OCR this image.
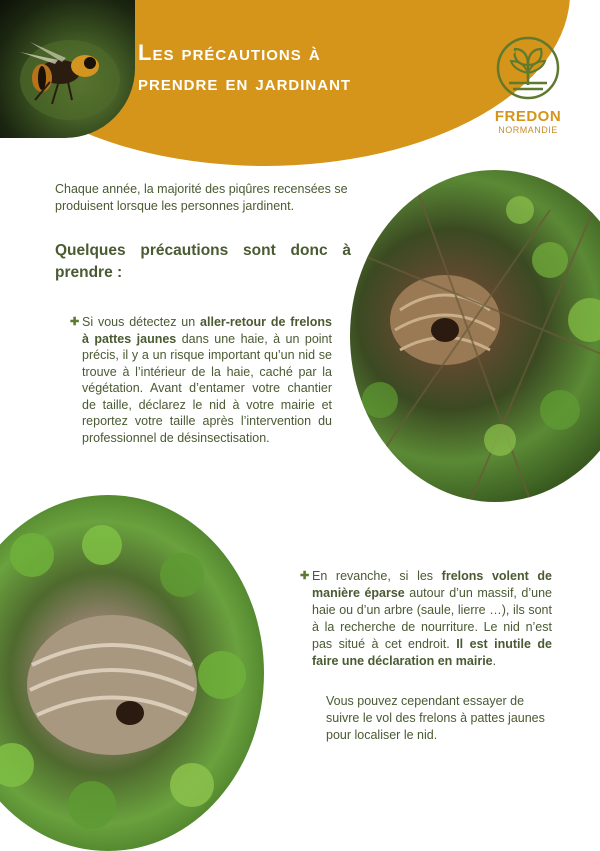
Les précautions à
prendre en jardinant
FREDON
NORMANDIE
Chaque année, la majorité des piqûres recensées se produisent lorsque les personnes jardinent.
Quelques précautions sont donc à prendre :
✚ Si vous détectez un aller-retour de frelons à pattes jaunes dans une haie, à un point précis, il y a un risque important qu’un nid se trouve à l’intérieur de la haie, caché par la végétation. Avant d’entamer votre chantier de taille, déclarez le nid à votre mairie et reportez votre taille après l’intervention du professionnel de désinsectisation.
✚ En revanche, si les frelons volent de manière éparse autour d’un massif, d’une haie ou d’un arbre (saule, lierre …), ils sont à la recherche de nourriture. Le nid n’est pas situé à cet endroit. Il est inutile de faire une déclaration en mairie.
Vous pouvez cependant essayer de suivre le vol des frelons à pattes jaunes pour localiser le nid.
